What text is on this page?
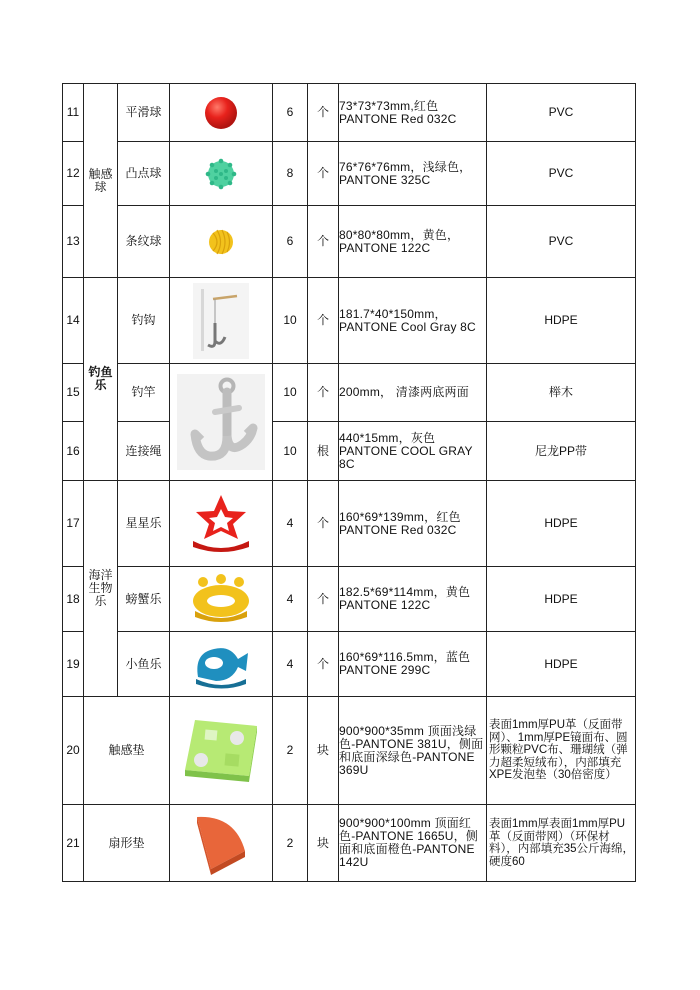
11	触感球	平滑球		6	个	73*73*73mm,红色 PANTONE Red 032C	PVC
12		凸点球		8	个	76*76*76mm，浅绿色，PANTONE 325C	PVC
13		条纹球		6	个	80*80*80mm，黄色，PANTONE 122C	PVC
14	钓鱼乐	钓钩		10	个	181.7*40*150mm，PANTONE Cool Gray 8C	HDPE
15		钓竿		10	个	200mm， 清漆两底两面	榉木
16		连接绳		10	根	440*15mm，灰色 PANTONE COOL GRAY 8C	尼龙PP带
17	海洋生物乐	星星乐		4	个	160*69*139mm，红色 PANTONE Red 032C	HDPE
18		螃蟹乐		4	个	182.5*69*114mm，黄色 PANTONE 122C	HDPE
19		小鱼乐		4	个	160*69*116.5mm，蓝色 PANTONE 299C	HDPE
20	触感垫			2	块	900*900*35mm 顶面浅绿色-PANTONE 381U，侧面和底面深绿色-PANTONE 369U	表面1mm厚PU革（反面带网）、1mm厚PE镜面布、圆形颗粒PVC布、珊瑚绒（弹力超柔短绒布），内部填充XPE发泡垫（30倍密度）
21	扇形垫			2	块	900*900*100mm 顶面红色-PANTONE 1665U，侧面和底面橙色-PANTONE 142U	表面1mm厚表面1mm厚PU革（反面带网）（环保材料），内部填充35公斤海绵，硬度60
